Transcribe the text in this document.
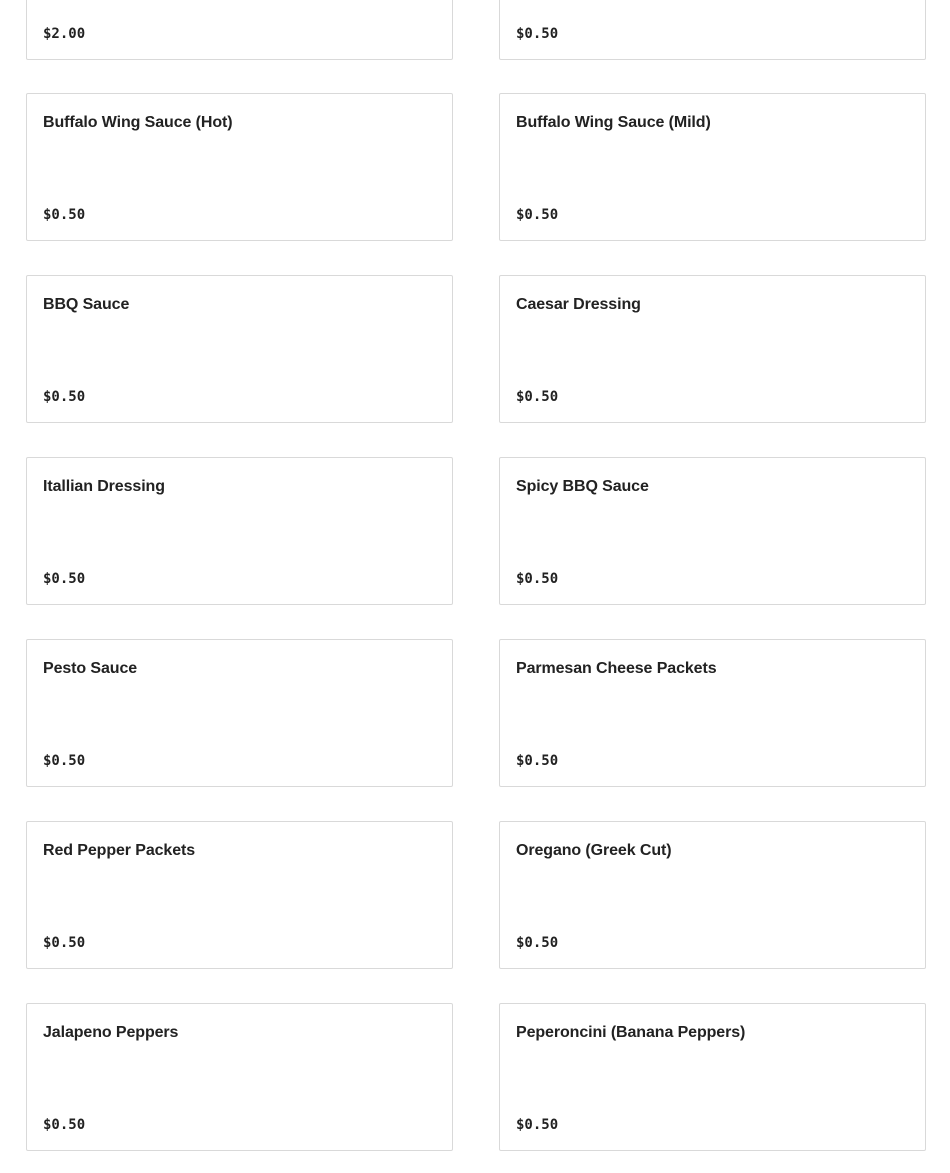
$2.00	$0.50
Buffalo Wing Sauce (Hot)
$0.50
Buffalo Wing Sauce (Mild)
$0.50
BBQ Sauce
$0.50
Caesar Dressing
$0.50
Itallian Dressing
$0.50
Spicy BBQ Sauce
$0.50
Pesto Sauce
$0.50
Parmesan Cheese Packets
$0.50
Red Pepper Packets
$0.50
Oregano (Greek Cut)
$0.50
Jalapeno Peppers
$0.50
Peperoncini (Banana Peppers)
$0.50
